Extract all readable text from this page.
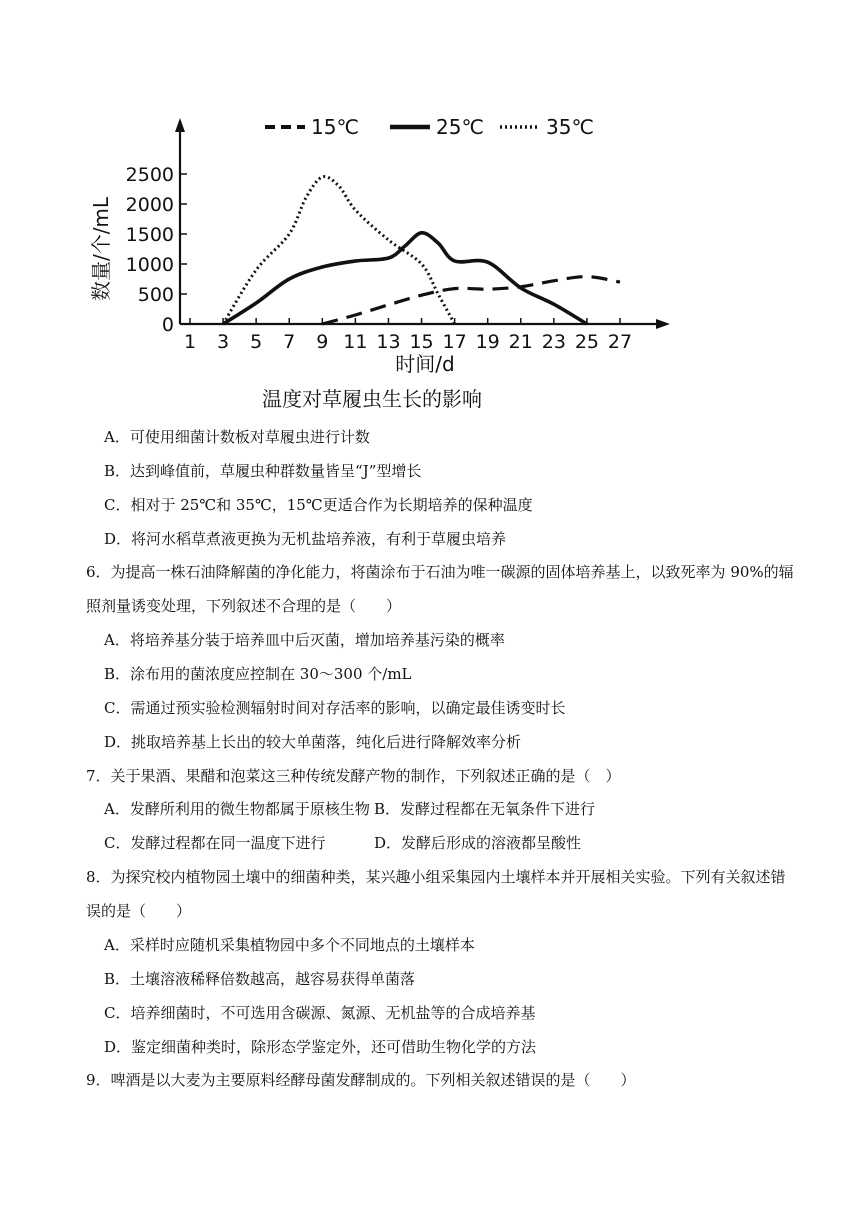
0
500
1000
1500
2000
2500
1 3 5 7 9 11 13 15 17 19 21 23 25 27
15℃	25℃	35℃
时间/d
数量/个/mL
温度对草履虫生长的影响
A．可使用细菌计数板对草履虫进行计数
B．达到峰值前，草履虫种群数量皆呈“J”型增长
C．相对于 25℃和 35℃，15℃更适合作为长期培养的保种温度
D．将河水稻草煮液更换为无机盐培养液，有利于草履虫培养
6．为提高一株石油降解菌的净化能力，将菌涂布于石油为唯一碳源的固体培养基上，以致死率为 90%的辐
照剂量诱变处理，下列叙述不合理的是（　　）
A．将培养基分装于培养皿中后灭菌，增加培养基污染的概率
B．涂布用的菌浓度应控制在 30～300 个/mL
C．需通过预实验检测辐射时间对存活率的影响，以确定最佳诱变时长
D．挑取培养基上长出的较大单菌落，纯化后进行降解效率分析
7．关于果酒、果醋和泡菜这三种传统发酵产物的制作，下列叙述正确的是（　）
A．发酵所利用的微生物都属于原核生物 B．发酵过程都在无氧条件下进行
C．发酵过程都在同一温度下进行	D．发酵后形成的溶液都呈酸性
8．为探究校内植物园土壤中的细菌种类，某兴趣小组采集园内土壤样本并开展相关实验。下列有关叙述错
误的是（　　）
A．采样时应随机采集植物园中多个不同地点的土壤样本
B．土壤溶液稀释倍数越高，越容易获得单菌落
C．培养细菌时，不可选用含碳源、氮源、无机盐等的合成培养基
D．鉴定细菌种类时，除形态学鉴定外，还可借助生物化学的方法
9．啤酒是以大麦为主要原料经酵母菌发酵制成的。下列相关叙述错误的是（　　）
